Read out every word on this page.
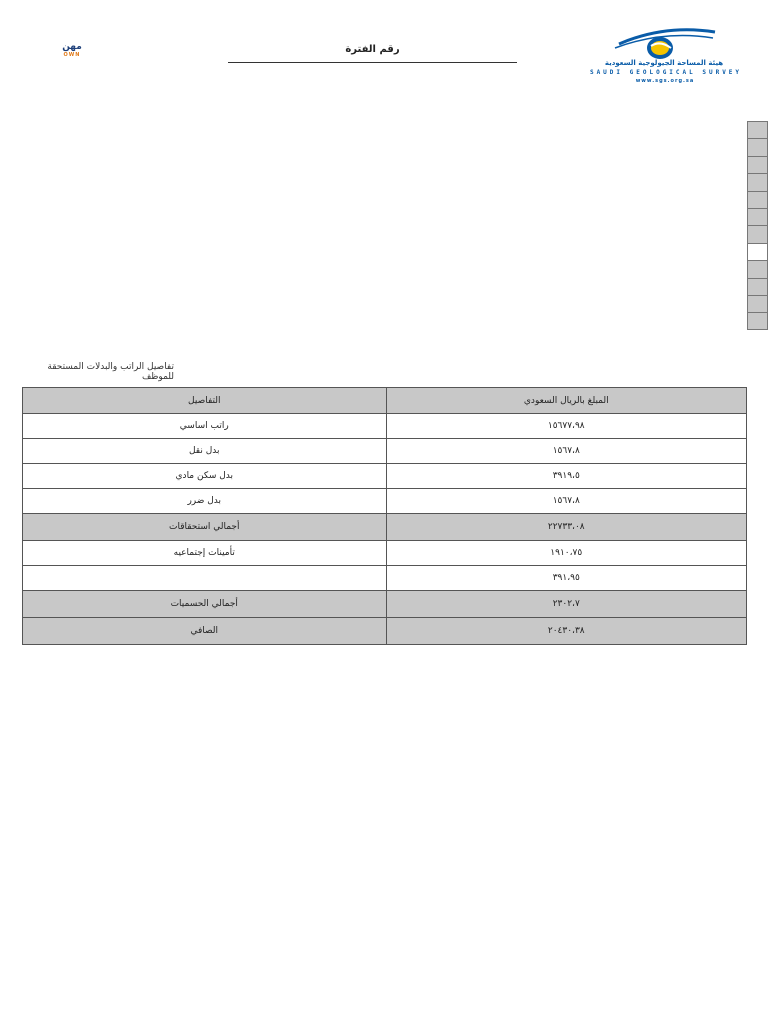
مهن
OWN	رقم الفترة
هيئة المساحة الجيولوجية السعودية
SAUDI GEOLOGICAL SURVEY
www.sgs.org.sa
تفاصيل الراتب والبدلات المستحقة للموظف
التفاصيل	المبلغ بالريال السعودي
راتب اساسي	١٥٦٧٧،٩٨
بدل نقل	١٥٦٧،٨
بدل سكن مادي	٣٩١٩،٥
بدل ضرر	١٥٦٧،٨
أجمالي استحقاقات	٢٢٧٣٣،٠٨
تأمينات إجتماعيه	١٩١٠،٧٥
	٣٩١،٩٥
أجمالي الحسميات	٢٣٠٢،٧
الصافي	٢٠٤٣٠،٣٨
